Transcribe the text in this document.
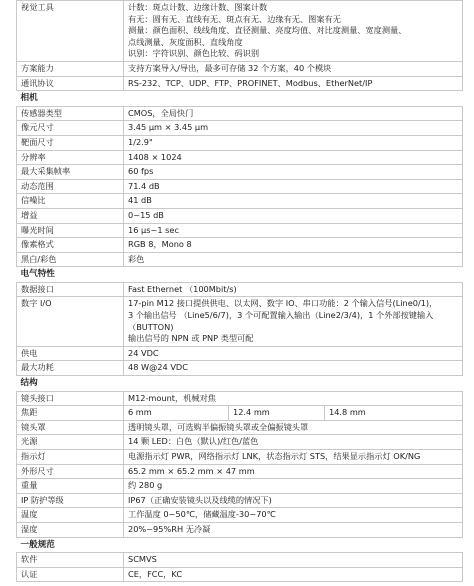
视觉工具	计数：斑点计数、边缘计数、图案计数
有无：圆有无、直线有无、斑点有无、边缘有无、图案有无
测量：颜色面积、线线角度、直径测量、亮度均值、对比度测量、宽度测量、
点线测量、灰度面积、直线角度
识别：字符识别、颜色比较、码识别		

方案能力	支持方案导入/导出，最多可存储 32 个方案，40 个模块		
通讯协议	RS-232、TCP、UDP、FTP、PROFINET、Modbus、EtherNet/IP		
相机			
传感器类型	CMOS，全局快门		
像元尺寸	3.45 μm × 3.45 μm		
靶面尺寸	1/2.9"		
分辨率	1408 × 1024		
最大采集帧率	60 fps		
动态范围	71.4 dB		
信噪比	41 dB		
增益	0~15 dB		
曝光时间	16 μs~1 sec		
像素格式	RGB 8，Mono 8		
黑白/彩色	彩色		
电气特性			
数据接口	Fast Ethernet （100Mbit/s)		
数字 I/O	17-pin M12 接口提供供电、以太网、数字 IO、串口功能：2 个输入信号(Line0/1)，
3 个输出信号 （Line5/6/7)，3 个可配置输入输出（Line2/3/4)，1 个外部按键输入（BUTTON)
输出信号的 NPN 或 PNP 类型可配		

供电	24 VDC		
最大功耗	48 W@24 VDC		
结构			
镜头接口	M12-mount，机械对焦		
焦距	6 mm	12.4 mm	14.8 mm
镜头罩	透明镜头罩，可选购半偏振镜头罩或全偏振镜头罩		
光源	14 颗 LED：白色（默认)/红色/蓝色		
指示灯	电源指示灯 PWR，网络指示灯 LNK，状态指示灯 STS，结果显示指示灯 OK/NG		
外形尺寸	65.2 mm × 65.2 mm × 47 mm		
重量	约 280 g		
IP 防护等级	IP67（正确安装镜头以及线缆的情况下)		
温度	工作温度 0~50℃，储藏温度-30~70℃		
湿度	20%~95%RH 无冷凝		
一般规范			
软件	SCMVS		
认证	CE，FCC，KC		
